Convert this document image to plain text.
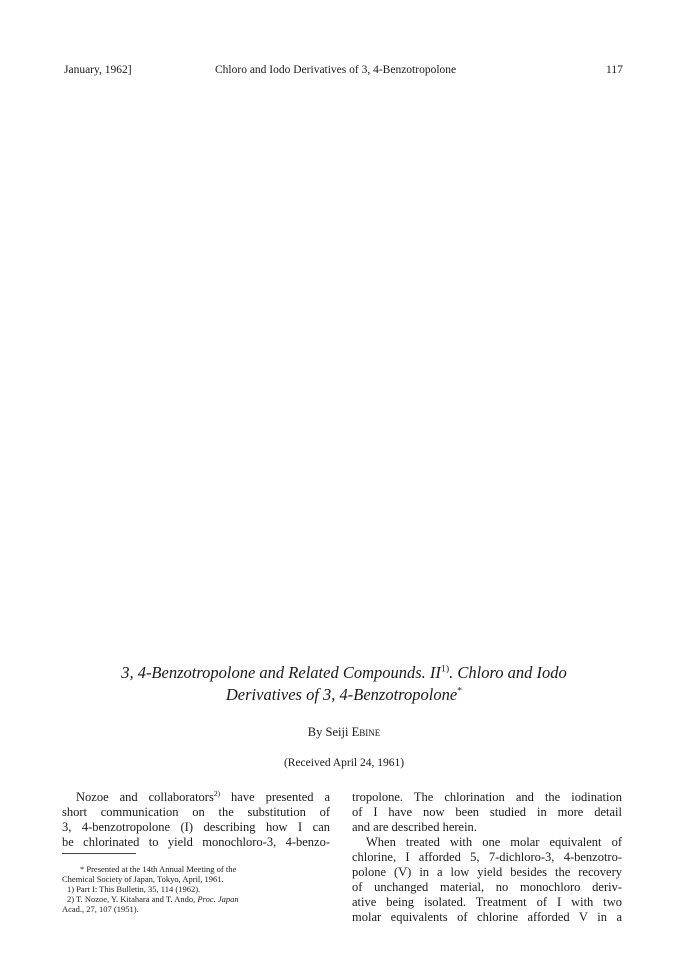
January, 1962]	Chloro and Iodo Derivatives of 3, 4-Benzotropolone	117
3, 4-Benzotropolone and Related Compounds. II$^{1)}$. Chloro and Iodo
Derivatives of 3, 4-Benzotropolone*
By Seiji Ebine
(Received April 24, 1961)
Nozoe and collaborators$^{2)}$ have presented a
short communication on the substitution of
3, 4-benzotropolone (I) describing how I can
be chlorinated to yield monochloro-3, 4-benzo-
* Presented at the 14th Annual Meeting of the
Chemical Society of Japan, Tokyo, April, 1961.
1) Part I: This Bulletin, 35, 114 (1962).
2) T. Nozoe, Y. Kitahara and T. Ando, Proc. Japan
Acad., 27, 107 (1951).
tropolone. The chlorination and the iodination
of I have now been studied in more detail
and are described herein.
When treated with one molar equivalent of
chlorine, I afforded 5, 7-dichloro-3, 4-benzotro-
polone (V) in a low yield besides the recovery
of unchanged material, no monochloro deriv-
ative being isolated. Treatment of I with two
molar equivalents of chlorine afforded V in a
